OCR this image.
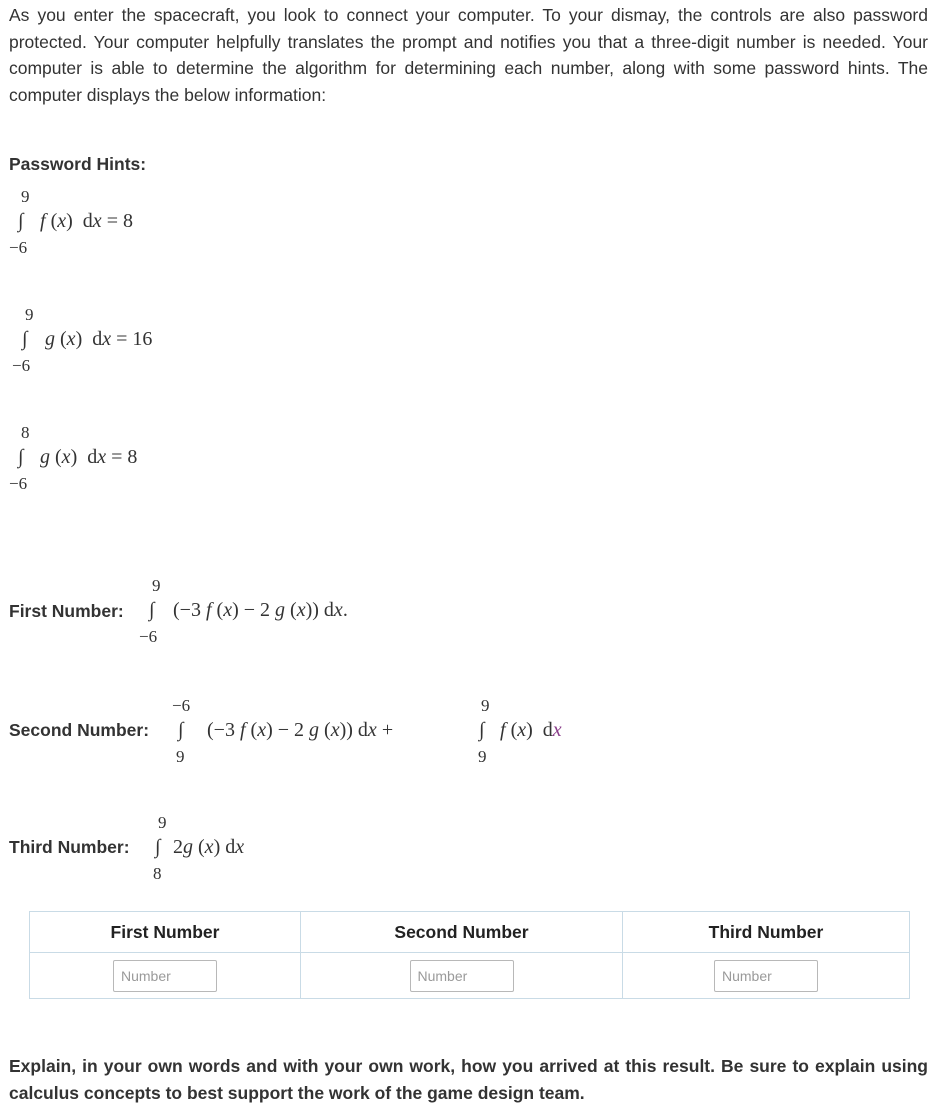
As you enter the spacecraft, you look to connect your computer. To your dismay, the controls are also password protected. Your computer helpfully translates the prompt and notifies you that a three-digit number is needed. Your computer is able to determine the algorithm for determining each number, along with some password hints. The computer displays the below information:

Password Hints:

9
∫
−6
f (x)  dx = 8
9
∫
−6
g (x)  dx = 16
8
∫
−6
g (x)  dx = 8
First Number:
9
∫
−6
(−3 f (x) − 2 g (x)) dx.
Second Number:
−6
∫
9
(−3 f (x) − 2 g (x)) dx +
9
∫
9
f (x)  dx
Third Number:
9
∫
8
2g (x) dx
First Number	Second Number	Third Number
Number	Number	Number

Explain, in your own words and with your own work, how you arrived at this result. Be sure to explain using calculus concepts to best support the work of the game design team.
